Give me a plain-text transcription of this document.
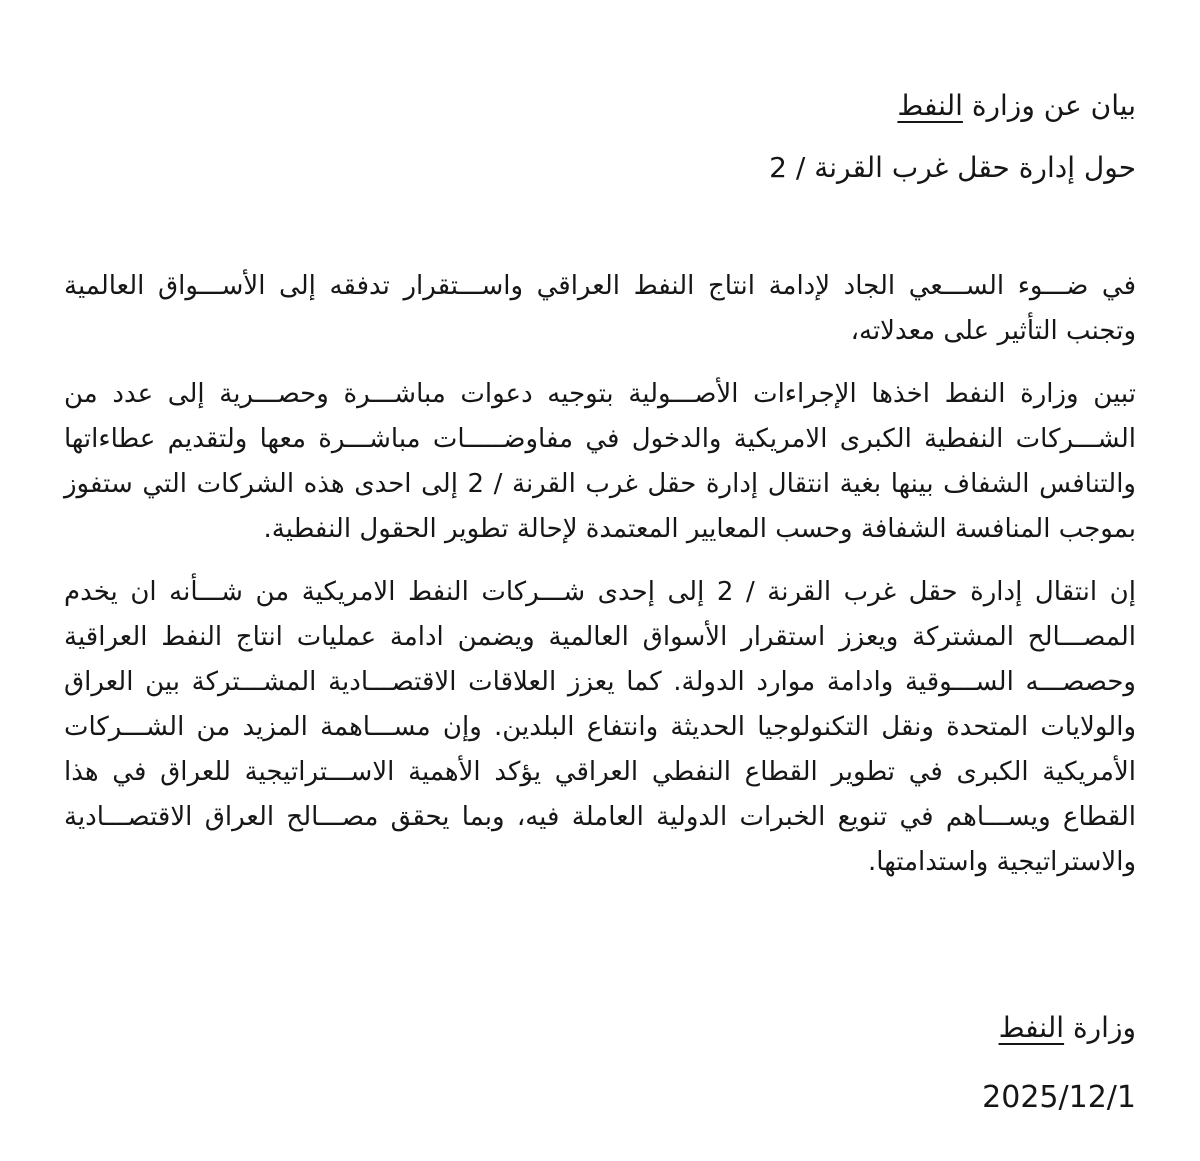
بيان عن وزارة النفط
حول إدارة حقل غرب القرنة / 2

في ضـــوء الســـعي الجاد لإدامة انتاج النفط العراقي واســـتقرار تدفقه إلى الأســـواق العالمية وتجنب التأثير على معدلاته،

تبين وزارة النفط اخذها الإجراءات الأصـــولية بتوجيه دعوات مباشـــرة وحصـــرية إلى عدد من الشـــركات النفطية الكبرى الامريكية والدخول في مفاوضـــــات مباشـــرة معها ولتقديم عطاءاتها والتنافس الشفاف بينها بغية انتقال إدارة حقل غرب القرنة / 2 إلى احدى هذه الشركات التي ستفوز بموجب المنافسة الشفافة وحسب المعايير المعتمدة لإحالة تطوير الحقول النفطية.

إن انتقال إدارة حقل غرب القرنة / 2 إلى إحدى شـــركات النفط الامريكية من شـــأنه ان يخدم المصـــالح المشتركة ويعزز استقرار الأسواق العالمية ويضمن ادامة عمليات انتاج النفط العراقية وحصصـــه الســـوقية وادامة موارد الدولة. كما يعزز العلاقات الاقتصـــادية المشـــتركة بين العراق والولايات المتحدة ونقل التكنولوجيا الحديثة وانتفاع البلدين. وإن مســـاهمة المزيد من الشـــركات الأمريكية الكبرى في تطوير القطاع النفطي العراقي يؤكد الأهمية الاســـتراتيجية للعراق في هذا القطاع ويســـاهم في تنويع الخبرات الدولية العاملة فيه، وبما يحقق مصـــالح العراق الاقتصـــادية والاستراتيجية واستدامتها.

وزارة النفط
2025/12/1
